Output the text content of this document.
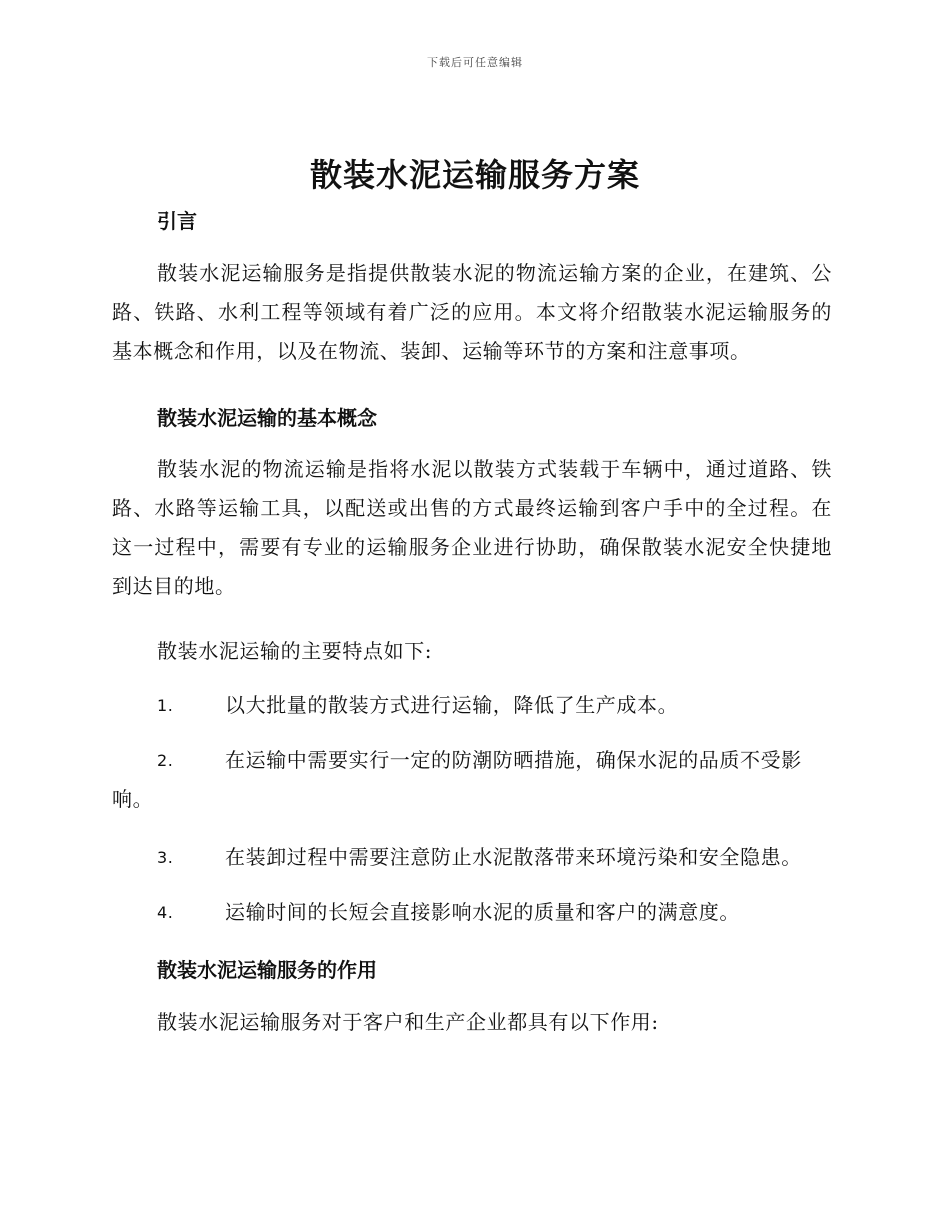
下载后可任意编辑
散装水泥运输服务方案
引言

散装水泥运输服务是指提供散装水泥的物流运输方案的企业，在建筑、公路、铁路、水利工程等领域有着广泛的应用。本文将介绍散装水泥运输服务的基本概念和作用，以及在物流、装卸、运输等环节的方案和注意事项。

散装水泥运输的基本概念

散装水泥的物流运输是指将水泥以散装方式装载于车辆中，通过道路、铁路、水路等运输工具，以配送或出售的方式最终运输到客户手中的全过程。在这一过程中，需要有专业的运输服务企业进行协助，确保散装水泥安全快捷地到达目的地。

散装水泥运输的主要特点如下:

1.	以大批量的散装方式进行运输，降低了生产成本。
2.	在运输中需要实行一定的防潮防晒措施，确保水泥的品质不受影响。
3.	在装卸过程中需要注意防止水泥散落带来环境污染和安全隐患。
4.	运输时间的长短会直接影响水泥的质量和客户的满意度。
散装水泥运输服务的作用

散装水泥运输服务对于客户和生产企业都具有以下作用:
